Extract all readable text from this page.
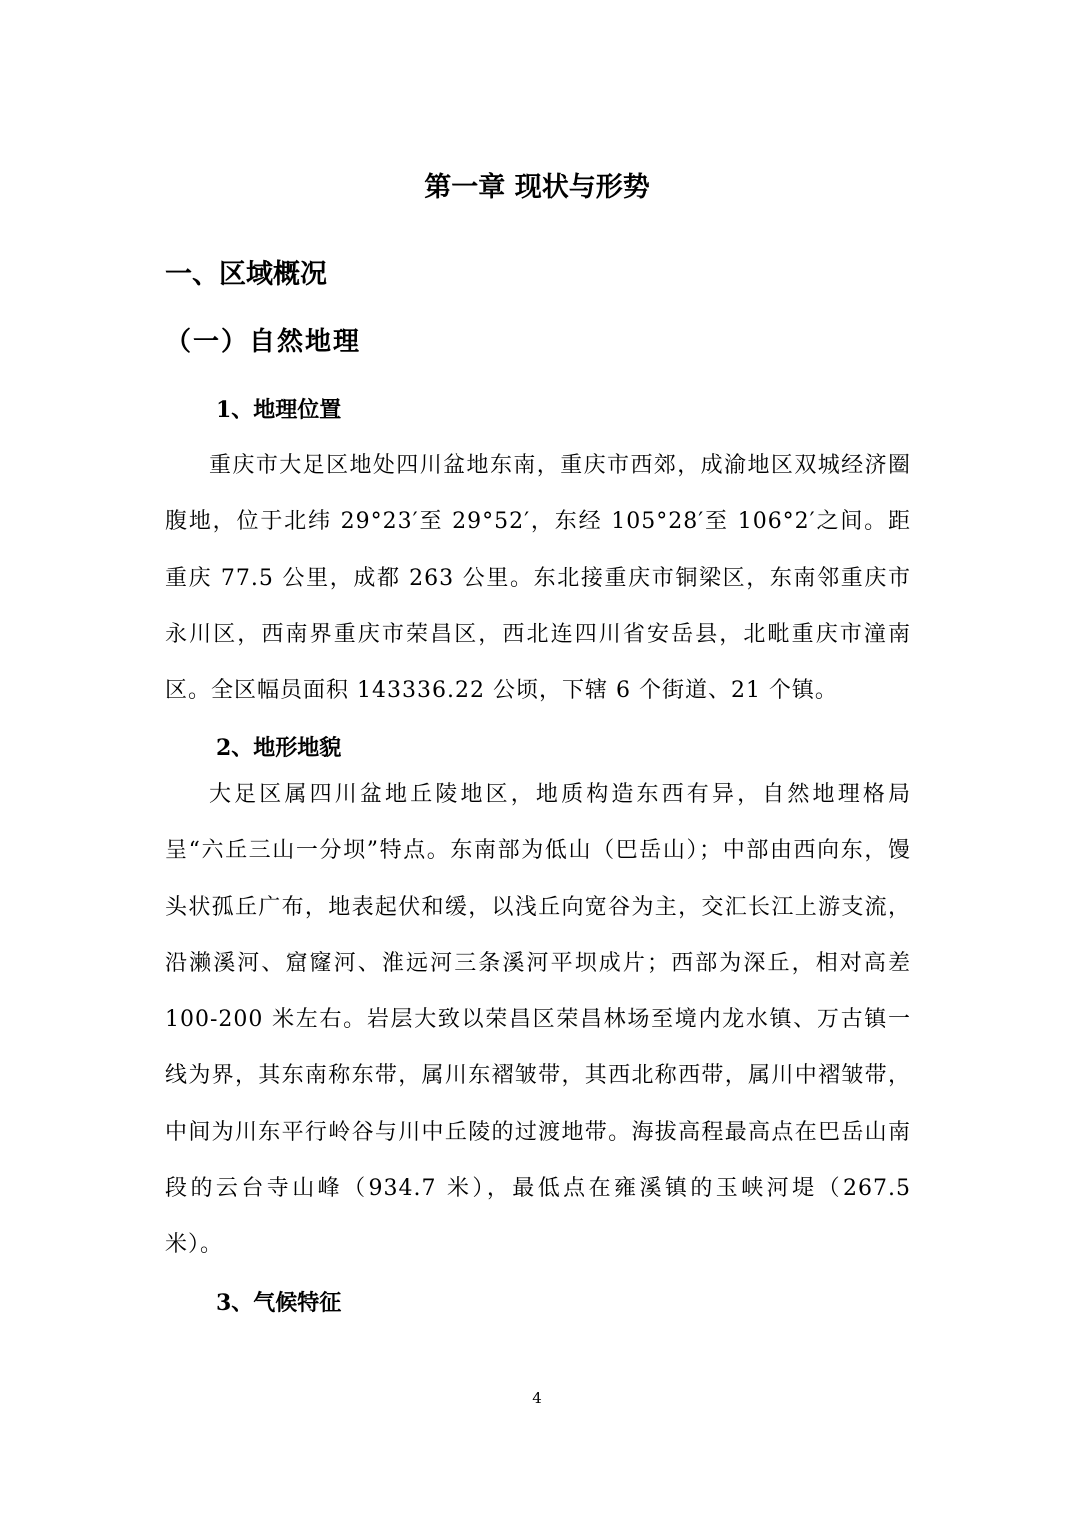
第一章 现状与形势
一、区域概况
（一）自然地理
1、地理位置

重庆市大足区地处四川盆地东南，重庆市西郊，成渝地区双城经济圈腹地，位于北纬 29°23′至 29°52′，东经 105°28′至 106°2′之间。距重庆 77.5 公里，成都 263 公里。东北接重庆市铜梁区，东南邻重庆市永川区，西南界重庆市荣昌区，西北连四川省安岳县，北毗重庆市潼南区。全区幅员面积 143336.22 公顷，下辖 6 个街道、21 个镇。

2、地形地貌

大足区属四川盆地丘陵地区，地质构造东西有异，自然地理格局呈“六丘三山一分坝”特点。东南部为低山（巴岳山）；中部由西向东，馒头状孤丘广布，地表起伏和缓，以浅丘向宽谷为主，交汇长江上游支流，沿濑溪河、窟窿河、淮远河三条溪河平坝成片；西部为深丘，相对高差 100-200 米左右。岩层大致以荣昌区荣昌林场至境内龙水镇、万古镇一线为界，其东南称东带，属川东褶皱带，其西北称西带，属川中褶皱带，中间为川东平行岭谷与川中丘陵的过渡地带。海拔高程最高点在巴岳山南段的云台寺山峰（934.7 米），最低点在雍溪镇的玉峡河堤（267.5 米）。

3、气候特征
4
